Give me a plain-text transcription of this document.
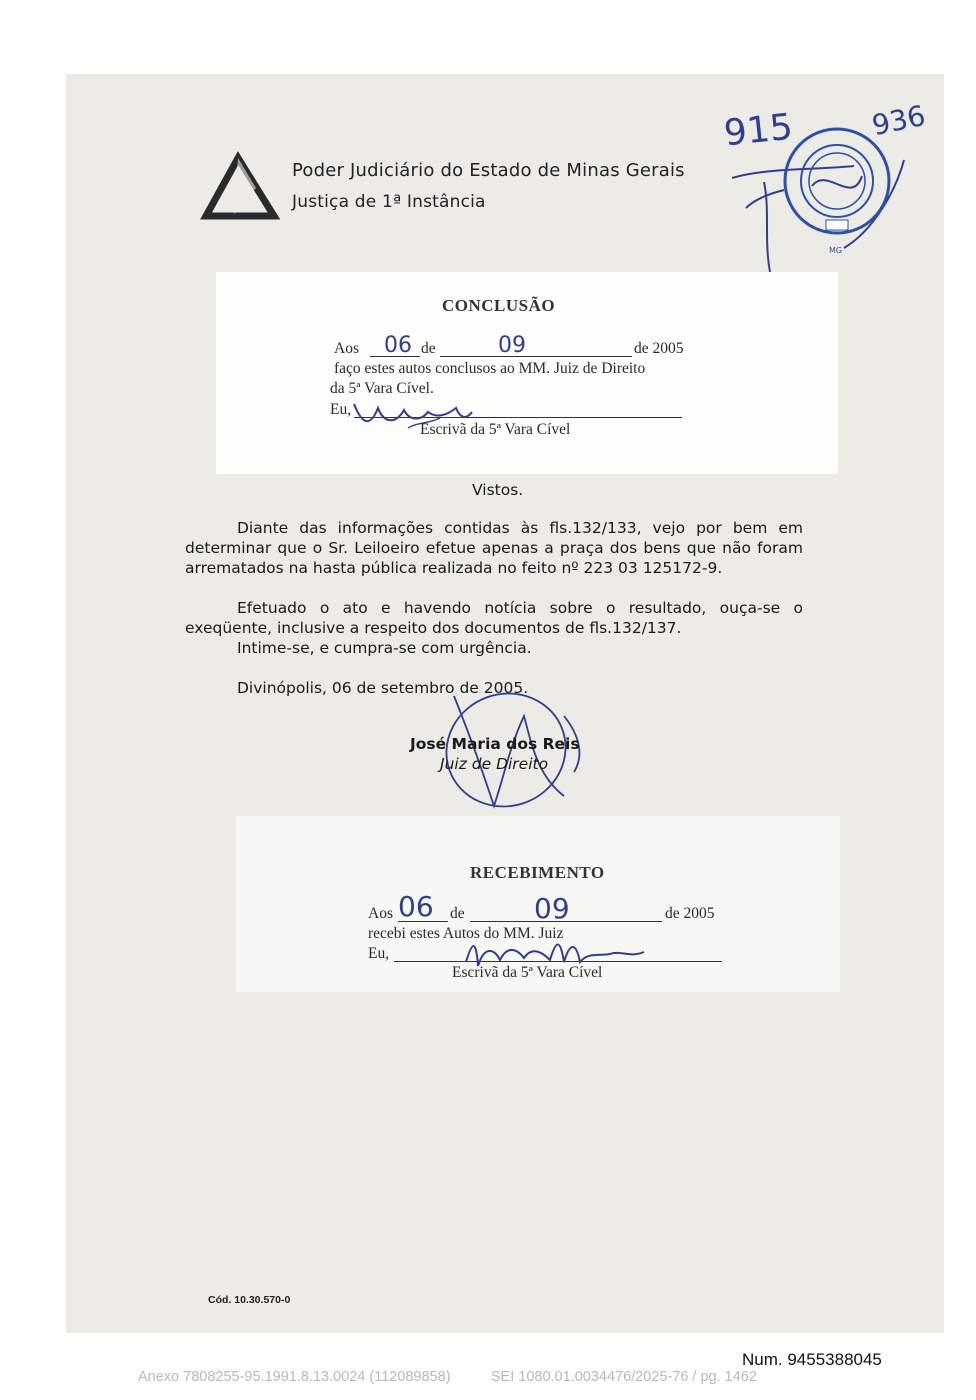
Poder Judiciário do Estado de Minas Gerais
Justiça de 1ª Instância
915	936
MG
CONCLUSÃO
Aos 06 de	09	de 2005
faço estes autos conclusos ao MM. Juiz de Direito
da 5ª Vara Cível.
Eu,
Escrivã da 5ª Vara Cível
Vistos.
Diante das informações contidas às fls.132/133, vejo por bem em determinar que o Sr. Leiloeiro efetue apenas a praça dos bens que não foram arrematados na hasta pública realizada no feito nº 223 03 125172-9.
Efetuado o ato e havendo notícia sobre o resultado, ouça-se o exeqüente, inclusive a respeito dos documentos de fls.132/137.
Intime-se, e cumpra-se com urgência.
Divinópolis, 06 de setembro de 2005.
José Maria dos Reis
Juiz de Direito
RECEBIMENTO
Aos 06 de 09	de 2005
recebi estes Autos do MM. Juiz
Eu,
Escrivã da 5ª Vara Cível
Cód. 10.30.570-0
Num. 9455388045
Anexo 7808255-95.1991.8.13.0024 (112089858)	SEI 1080.01.0034476/2025-76 / pg. 1462
